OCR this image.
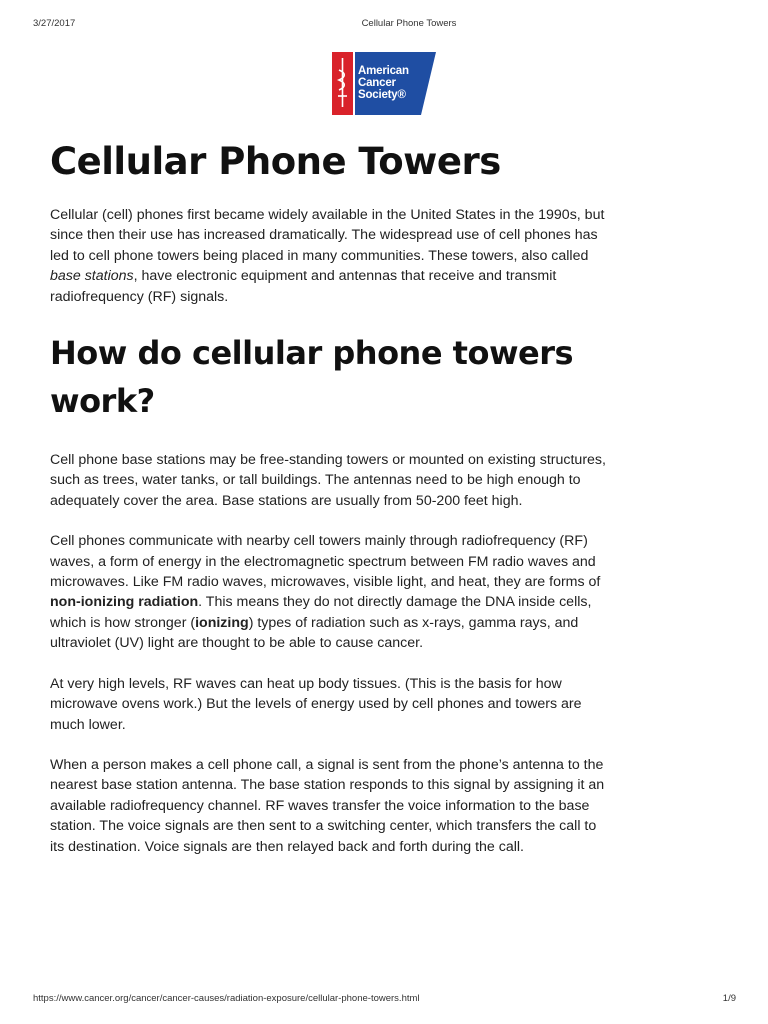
3/27/2017	Cellular Phone Towers
American
Cancer
Society®
Cellular Phone Towers

Cellular (cell) phones first became widely available in the United States in the 1990s, but since then their use has increased dramatically. The widespread use of cell phones has led to cell phone towers being placed in many communities. These towers, also called base stations, have electronic equipment and antennas that receive and transmit radiofrequency (RF) signals.

How do cellular phone towers work?

Cell phone base stations may be free-standing towers or mounted on existing structures, such as trees, water tanks, or tall buildings. The antennas need to be high enough to adequately cover the area. Base stations are usually from 50-200 feet high.

Cell phones communicate with nearby cell towers mainly through radiofrequency (RF) waves, a form of energy in the electromagnetic spectrum between FM radio waves and microwaves. Like FM radio waves, microwaves, visible light, and heat, they are forms of non-ionizing radiation. This means they do not directly damage the DNA inside cells, which is how stronger (ionizing) types of radiation such as x-rays, gamma rays, and ultraviolet (UV) light are thought to be able to cause cancer.

At very high levels, RF waves can heat up body tissues. (This is the basis for how microwave ovens work.) But the levels of energy used by cell phones and towers are much lower.

When a person makes a cell phone call, a signal is sent from the phone’s antenna to the nearest base station antenna. The base station responds to this signal by assigning it an available radiofrequency channel. RF waves transfer the voice information to the base station. The voice signals are then sent to a switching center, which transfers the call to its destination. Voice signals are then relayed back and forth during the call.

https://www.cancer.org/cancer/cancer-causes/radiation-exposure/cellular-phone-towers.html	1/9
